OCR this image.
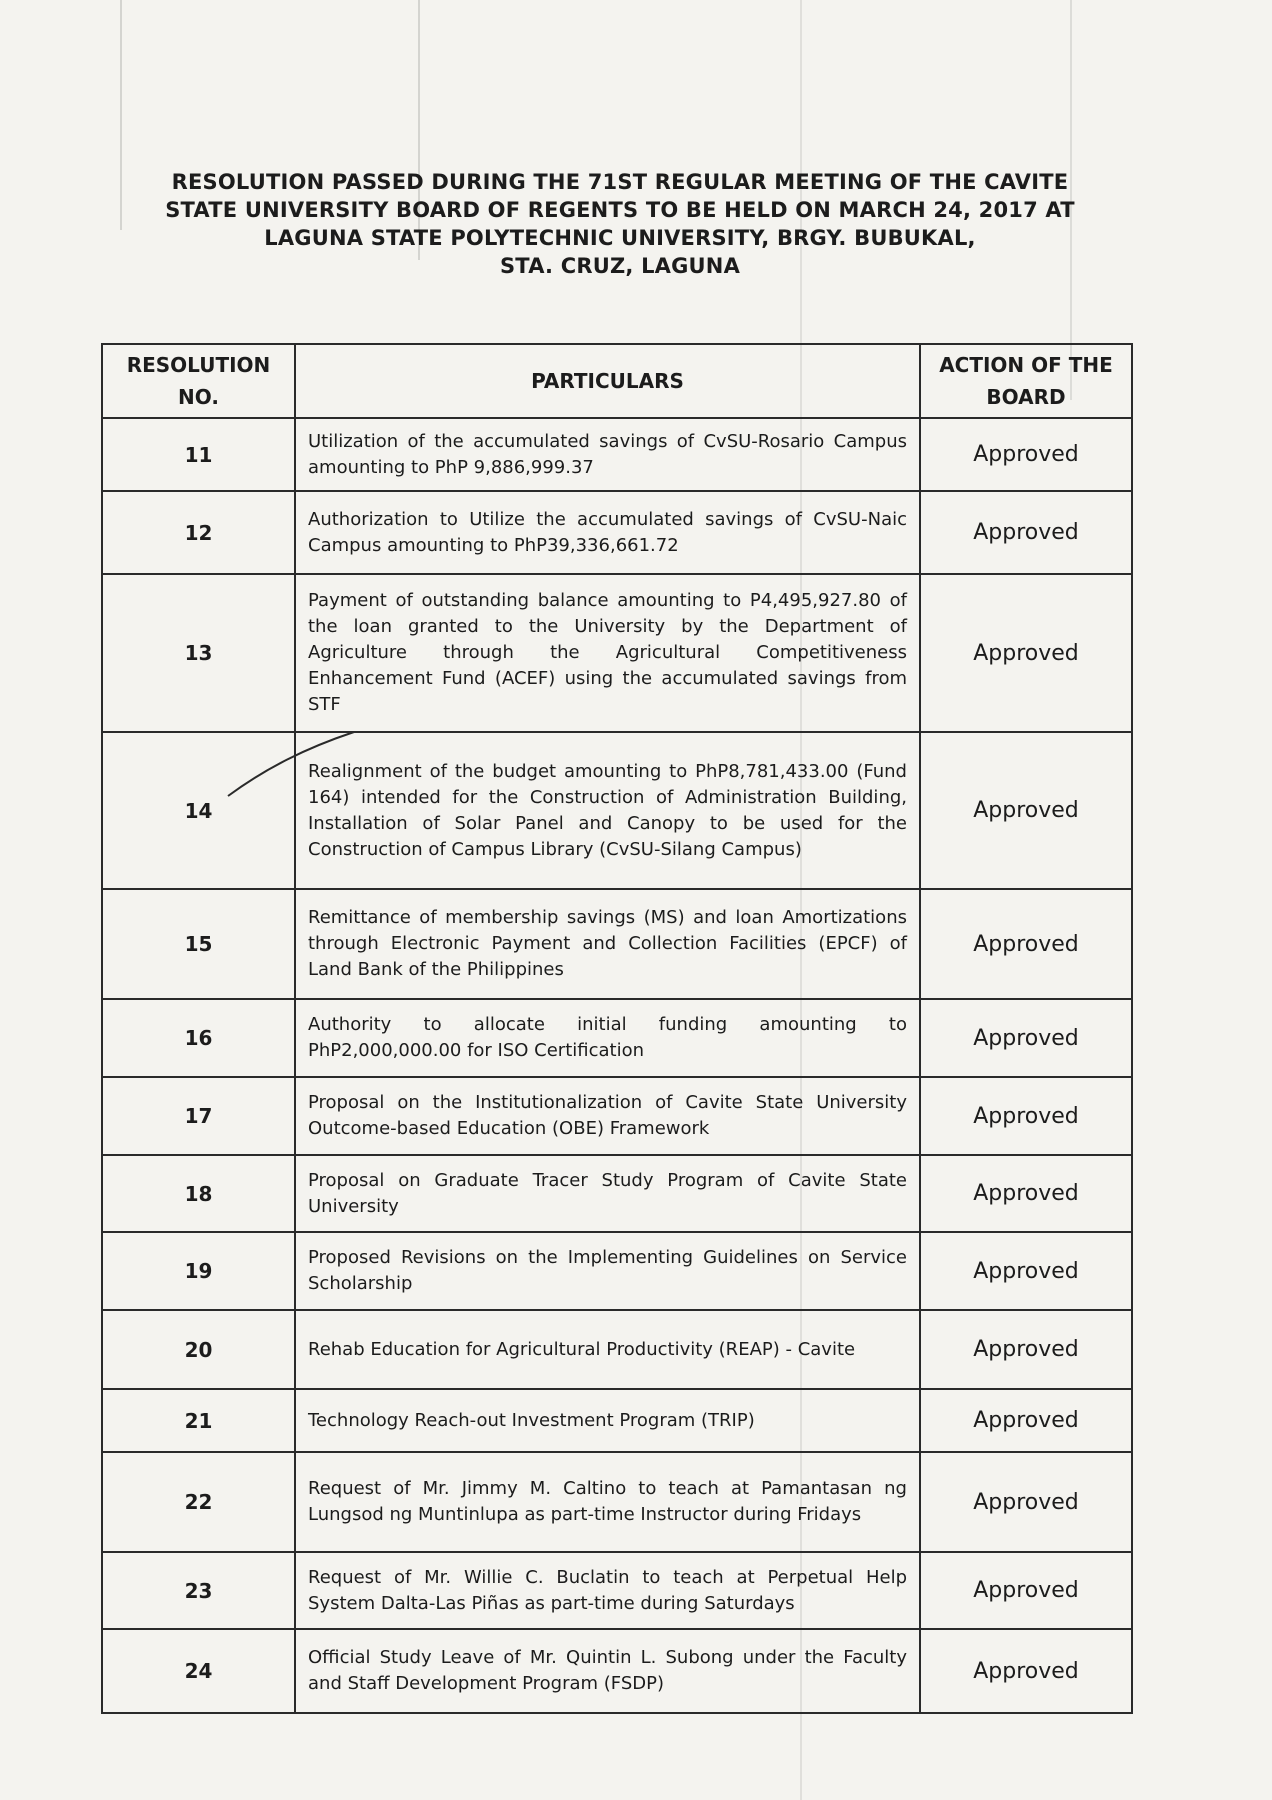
RESOLUTION PASSED DURING THE 71ST REGULAR MEETING OF THE CAVITE
STATE UNIVERSITY BOARD OF REGENTS TO BE HELD ON MARCH 24, 2017 AT
LAGUNA STATE POLYTECHNIC UNIVERSITY, BRGY. BUBUKAL,
STA. CRUZ, LAGUNA
RESOLUTION NO.	PARTICULARS	ACTION OF THE BOARD
11	Utilization of the accumulated savings of CvSU-Rosario Campus amounting to PhP 9,886,999.37	Approved
12	Authorization to Utilize the accumulated savings of CvSU-Naic Campus amounting to PhP39,336,661.72	Approved
13	Payment of outstanding balance amounting to P4,495,927.80 of the loan granted to the University by the Department of Agriculture through the Agricultural Competitiveness Enhancement Fund (ACEF) using the accumulated savings from STF	Approved
14	Realignment of the budget amounting to PhP8,781,433.00 (Fund 164) intended for the Construction of Administration Building, Installation of Solar Panel and Canopy to be used for the Construction of Campus Library (CvSU-Silang Campus)	Approved
15	Remittance of membership savings (MS) and loan Amortizations through Electronic Payment and Collection Facilities (EPCF) of Land Bank of the Philippines	Approved
16	Authority to allocate initial funding amounting to PhP2,000,000.00 for ISO Certification	Approved
17	Proposal on the Institutionalization of Cavite State University Outcome-based Education (OBE) Framework	Approved
18	Proposal on Graduate Tracer Study Program of Cavite State University	Approved
19	Proposed Revisions on the Implementing Guidelines on Service Scholarship	Approved
20	Rehab Education for Agricultural Productivity (REAP) - Cavite	Approved
21	Technology Reach-out Investment Program (TRIP)	Approved
22	Request of Mr. Jimmy M. Caltino to teach at Pamantasan ng Lungsod ng Muntinlupa as part-time Instructor during Fridays	Approved
23	Request of Mr. Willie C. Buclatin to teach at Perpetual Help System Dalta-Las Piñas as part-time during Saturdays	Approved
24	Official Study Leave of Mr. Quintin L. Subong under the Faculty and Staff Development Program (FSDP)	Approved
